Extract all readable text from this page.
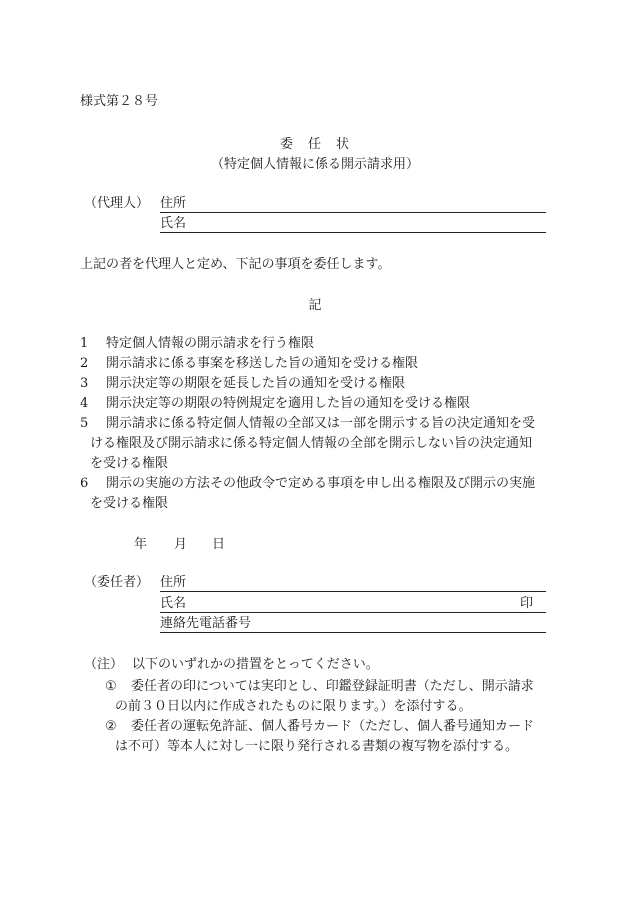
様式第２８号
委　任　状
（特定個人情報に係る開示請求用）
（代理人） 住所
氏名
上記の者を代理人と定め、下記の事項を委任します。
記
1 特定個人情報の開示請求を行う権限
2 開示請求に係る事案を移送した旨の通知を受ける権限
3 開示決定等の期限を延長した旨の通知を受ける権限
4 開示決定等の期限の特例規定を適用した旨の通知を受ける権限
5 開示請求に係る特定個人情報の全部又は一部を開示する旨の決定通知を受
ける権限及び開示請求に係る特定個人情報の全部を開示しない旨の決定通知
を受ける権限
6 開示の実施の方法その他政令で定める事項を申し出る権限及び開示の実施
を受ける権限
年 月 日
（委任者） 住所
氏名	印
連絡先電話番号
（注） 以下のいずれかの措置をとってください。
① 委任者の印については実印とし、印鑑登録証明書（ただし、開示請求
の前３０日以内に作成されたものに限ります。）を添付する。
② 委任者の運転免許証、個人番号カード（ただし、個人番号通知カード
は不可）等本人に対し一に限り発行される書類の複写物を添付する。
